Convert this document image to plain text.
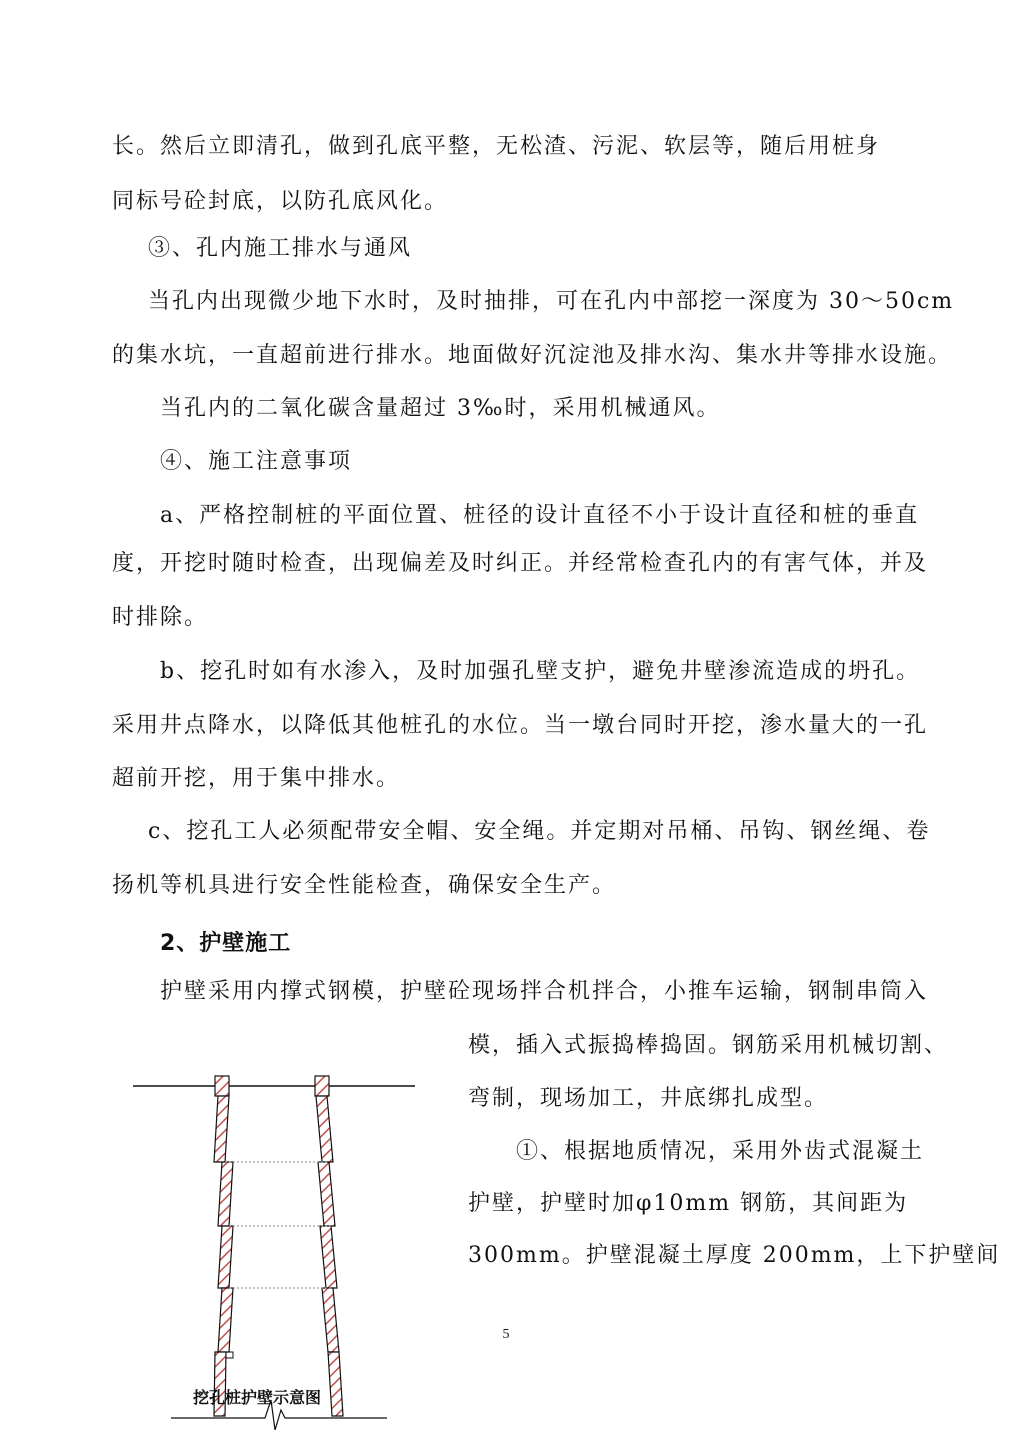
长。然后立即清孔，做到孔底平整，无松渣、污泥、软层等，随后用桩身
同标号砼封底，以防孔底风化。
③、孔内施工排水与通风
当孔内出现微少地下水时，及时抽排，可在孔内中部挖一深度为 30～50cm
的集水坑，一直超前进行排水。地面做好沉淀池及排水沟、集水井等排水设施。
当孔内的二氧化碳含量超过 3‰时，采用机械通风。
④、施工注意事项
a、严格控制桩的平面位置、桩径的设计直径不小于设计直径和桩的垂直
度，开挖时随时检查，出现偏差及时纠正。并经常检查孔内的有害气体，并及
时排除。
b、挖孔时如有水渗入，及时加强孔壁支护，避免井壁渗流造成的坍孔。
采用井点降水，以降低其他桩孔的水位。当一墩台同时开挖，渗水量大的一孔
超前开挖，用于集中排水。
c、挖孔工人必须配带安全帽、安全绳。并定期对吊桶、吊钩、钢丝绳、卷
扬机等机具进行安全性能检查，确保安全生产。
2、护壁施工
护壁采用内撑式钢模，护壁砼现场拌合机拌合，小推车运输，钢制串筒入
模，插入式振捣棒捣固。钢筋采用机械切割、
弯制，现场加工，井底绑扎成型。
①、根据地质情况，采用外齿式混凝土
护壁，护壁时加φ10mm 钢筋，其间距为
300mm。护壁混凝土厚度 200mm，上下护壁间
挖孔桩护壁示意图
5
